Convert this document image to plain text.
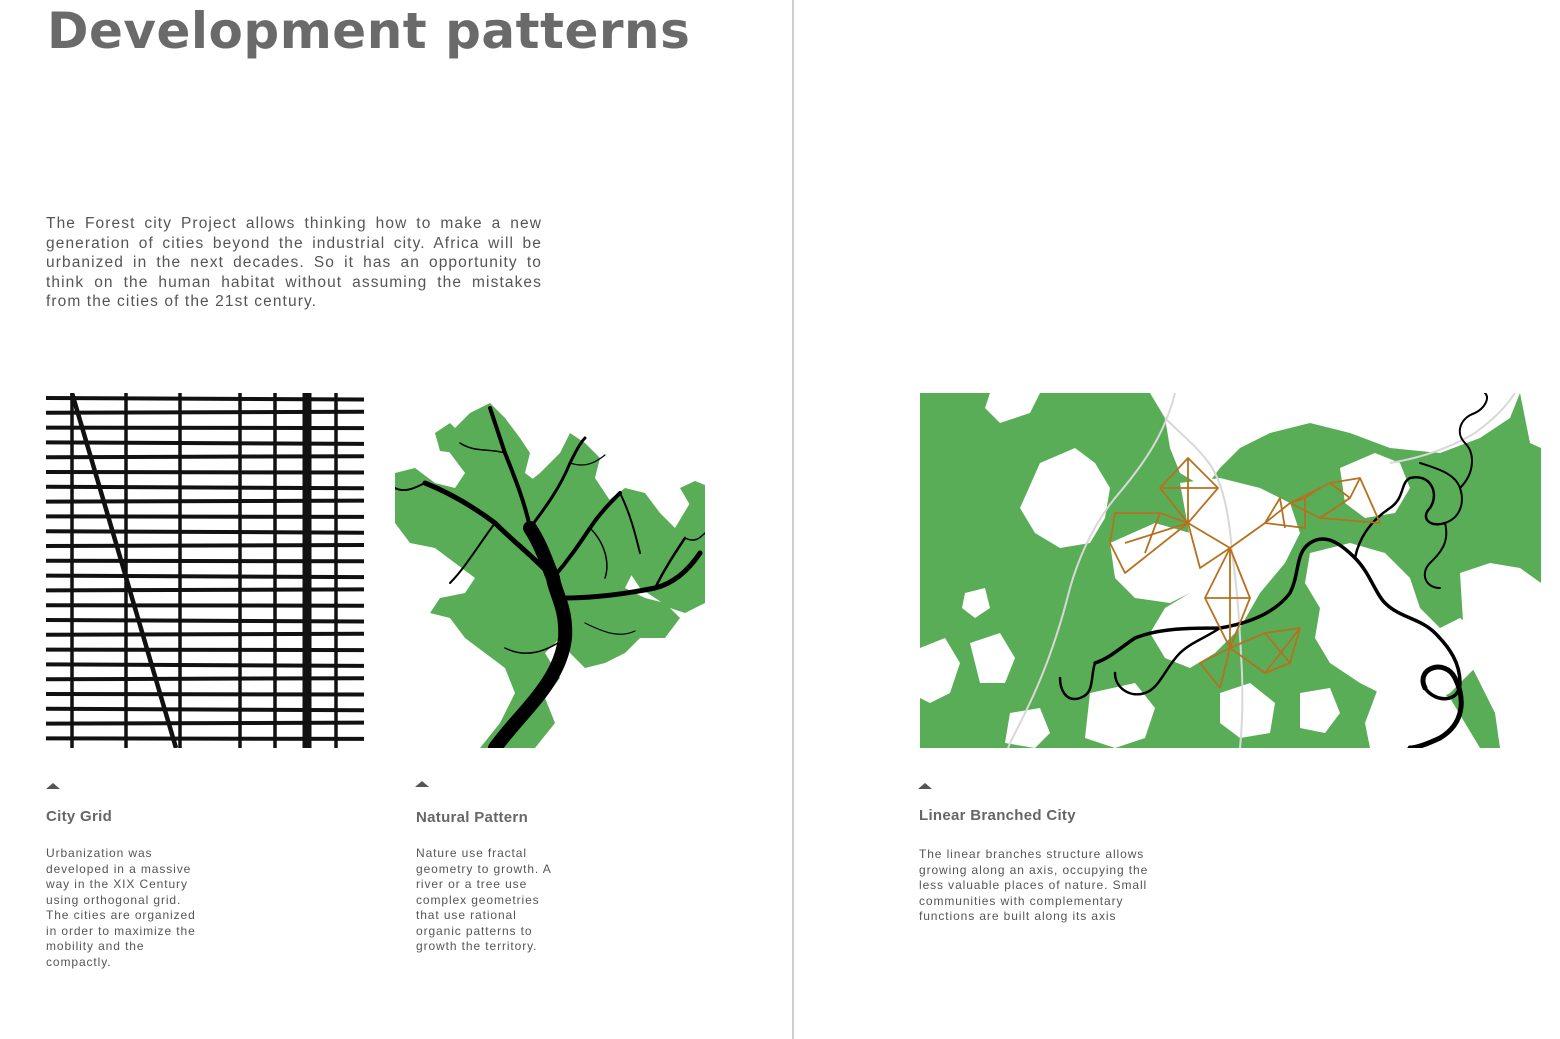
Development patterns

The Forest city Project allows thinking how to make a new generation of cities beyond the industrial city. Africa will be urbanized in the next decades. So it has an opportunity to think on the human habitat without assuming the mistakes from the cities of the 21st century.

City Grid

Urbanization was developed in a massive way in the XIX Century using orthogonal grid. The cities are organized in order to maximize the mobility and the compactly.

Natural Pattern

Nature use fractal geometry to growth. A river or a tree use complex geometries that use rational organic patterns to growth the territory.

Linear Branched City

The linear branches structure allows growing along an axis, occupying the less valuable places of nature. Small communities with complementary functions are built along its axis
